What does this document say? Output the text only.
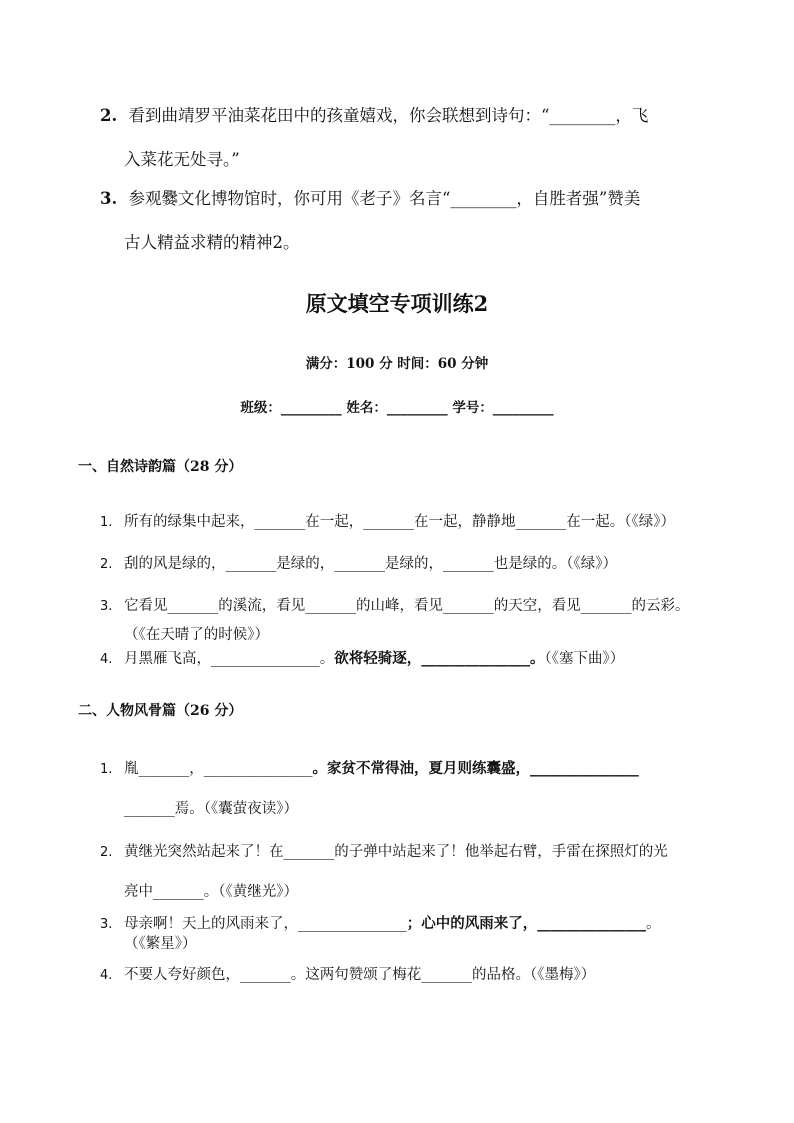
2. 看到曲靖罗平油菜花田中的孩童嬉戏，你会联想到诗句：“________，飞
入菜花无处寻。”
3. 参观爨文化博物馆时，你可用《老子》名言“________，自胜者强”赞美
古人精益求精的精神2。
原文填空专项训练2
满分：100 分 时间：60 分钟
班级：_________ 姓名：_________ 学号：_________
一、自然诗韵篇（28 分）
1. 所有的绿集中起来，_______在一起，_______在一起，静静地_______在一起。（《绿》）
2. 刮的风是绿的，_______是绿的，_______是绿的，_______也是绿的。（《绿》）
3. 它看见_______的溪流，看见_______的山峰，看见_______的天空，看见_______的云彩。
（《在天晴了的时候》）
4. 月黑雁飞高，_______________。欲将轻骑逐，_______________。（《塞下曲》）
二、人物风骨篇（26 分）
1. 胤_______，_______________。家贫不常得油，夏月则练囊盛，_______________
_______焉。（《囊萤夜读》）
2. 黄继光突然站起来了！在_______的子弹中站起来了！他举起右臂，手雷在探照灯的光
亮中_______。（《黄继光》）
3. 母亲啊！天上的风雨来了，_______________；心中的风雨来了，_______________。
（《繁星》）
4. 不要人夸好颜色，_______。这两句赞颂了梅花_______的品格。（《墨梅》）
